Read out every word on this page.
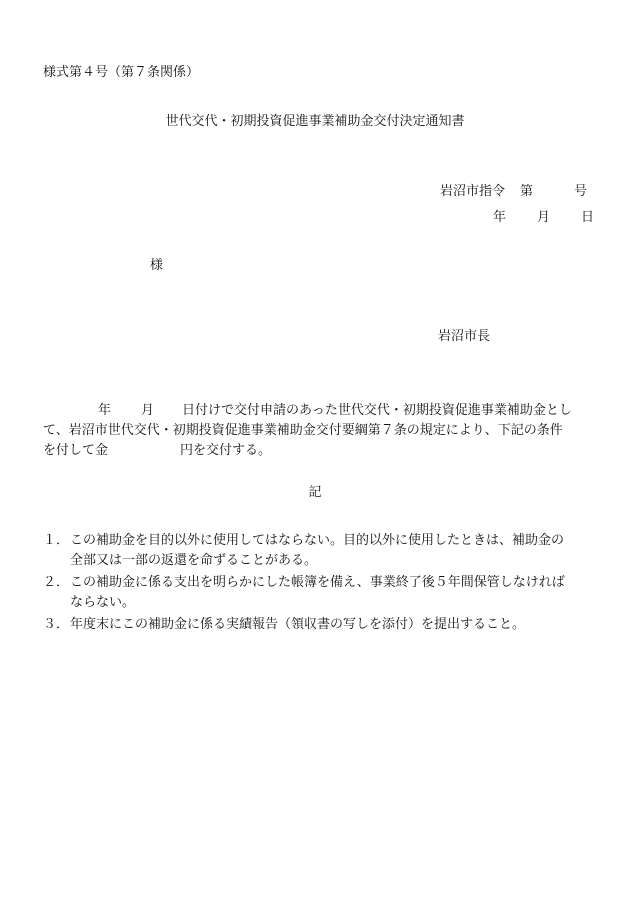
様式第４号（第７条関係）
世代交代・初期投資促進事業補助金交付決定通知書
岩沼市指令 第	号
年 月 日
様
岩沼市長
年 月 日付けで交付申請のあった世代交代・初期投資促進事業補助金とし
て、岩沼市世代交代・初期投資促進事業補助金交付要綱第７条の規定により、下記の条件
を付して金	円を交付する。
記
１．この補助金を目的以外に使用してはならない。目的以外に使用したときは、補助金の
全部又は一部の返還を命ずることがある。
２．この補助金に係る支出を明らかにした帳簿を備え、事業終了後５年間保管しなければ
ならない。
３．年度末にこの補助金に係る実績報告（領収書の写しを添付）を提出すること。
